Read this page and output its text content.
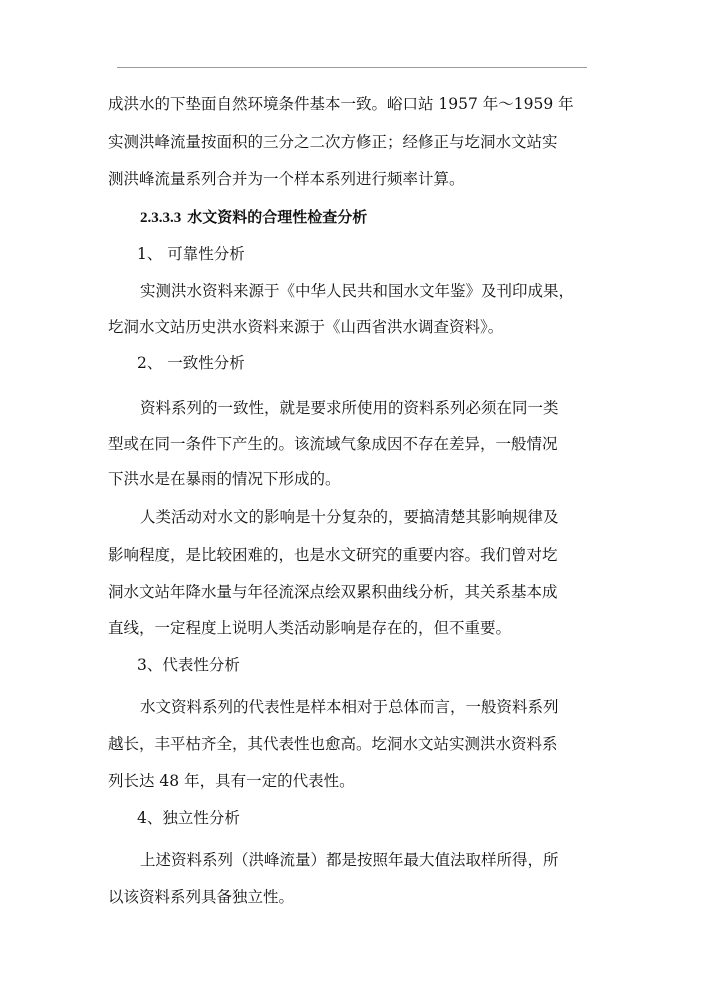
成洪水的下垫面自然环境条件基本一致。峪口站 1957 年～1959 年
实测洪峰流量按面积的三分之二次方修正；经修正与圪洞水文站实
测洪峰流量系列合并为一个样本系列进行频率计算。
2.3.3.3 水文资料的合理性检查分析
1、 可靠性分析
实测洪水资料来源于《中华人民共和国水文年鉴》及刊印成果，
圪洞水文站历史洪水资料来源于《山西省洪水调查资料》。
2、 一致性分析
资料系列的一致性，就是要求所使用的资料系列必须在同一类
型或在同一条件下产生的。该流域气象成因不存在差异，一般情况
下洪水是在暴雨的情况下形成的。
人类活动对水文的影响是十分复杂的，要搞清楚其影响规律及
影响程度，是比较困难的，也是水文研究的重要内容。我们曾对圪
洞水文站年降水量与年径流深点绘双累积曲线分析，其关系基本成
直线，一定程度上说明人类活动影响是存在的，但不重要。
3、代表性分析
水文资料系列的代表性是样本相对于总体而言，一般资料系列
越长，丰平枯齐全，其代表性也愈高。圪洞水文站实测洪水资料系
列长达 48 年，具有一定的代表性。
4、独立性分析
上述资料系列（洪峰流量）都是按照年最大值法取样所得，所
以该资料系列具备独立性。
